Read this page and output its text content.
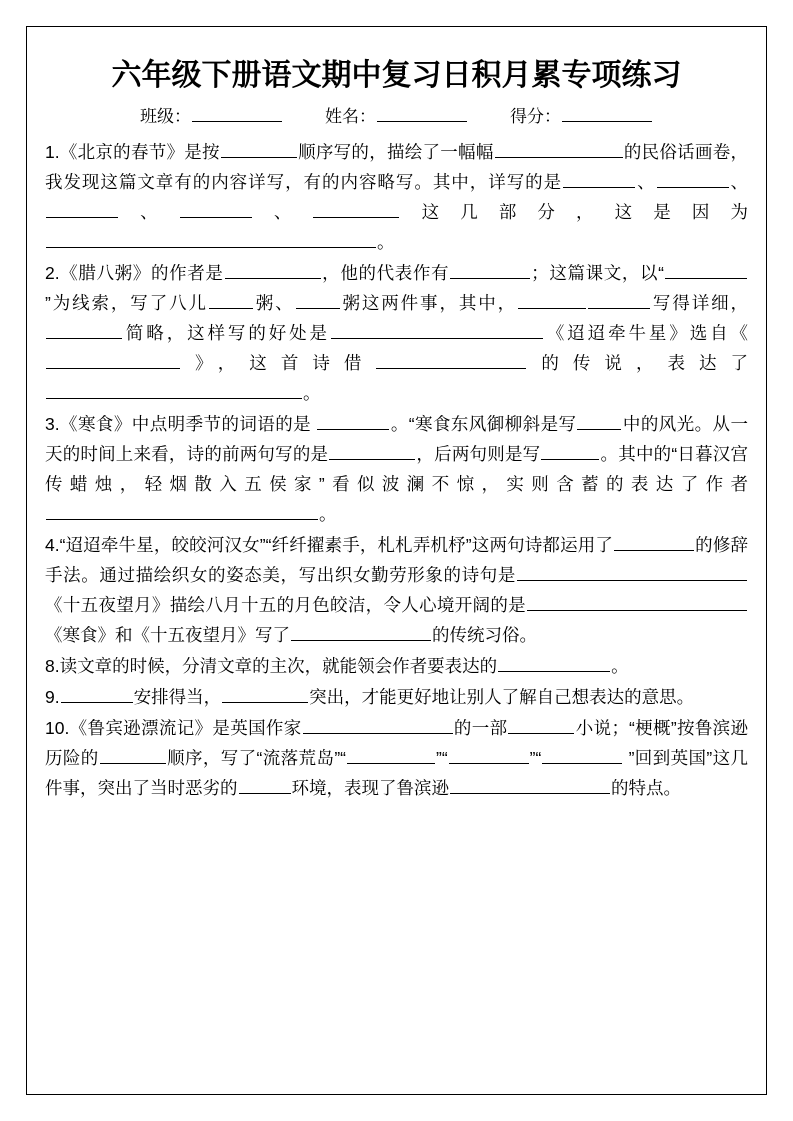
六年级下册语文期中复习日积月累专项练习
班级：	姓名：	得分：
1.《北京的春节》是按	顺序写的，描绘了一幅幅	的民俗话画卷，我发现这篇文章有的内容详写，有的内容略写。其中，详写的是	、	、、	、	这几部分，这是因为。
2.《腊八粥》的作者是	，他的代表作有	；这篇课文，以“”为线索，写了八儿	粥、	粥这两件事，其中，	写得详细，简略，这样写的好处是	《迢迢牵牛星》选自《》，这首诗借	的传说，表达了。
3.《寒食》中点明季节的词语的是	。“寒食东风御柳斜是写	中的风光。从一天的时间上来看，诗的前两句写的是	，后两句则是写	。其中的“日暮汉宫传蜡烛，轻烟散入五侯家”看似波澜不惊，实则含蓄的表达了作者。
4.“迢迢牵牛星，皎皎河汉女”“纤纤擢素手，札札弄机杼”这两句诗都运用了	的修辞手法。通过描绘织女的姿态美，写出织女勤劳形象的诗句是《十五夜望月》描绘八月十五的月色皎洁，令人心境开阔的是《寒食》和《十五夜望月》写了	的传统习俗。
8.读文章的时候，分清文章的主次，就能领会作者要表达的	。
9.	安排得当，	突出，才能更好地让别人了解自己想表达的意思。
10.《鲁宾逊漂流记》是英国作家	的一部	小说；“梗概”按鲁滨逊历险的	顺序，写了“流落荒岛”“	”“	”“	”回到英国”这几件事，突出了当时恶劣的	环境，表现了鲁滨逊	的特点。
